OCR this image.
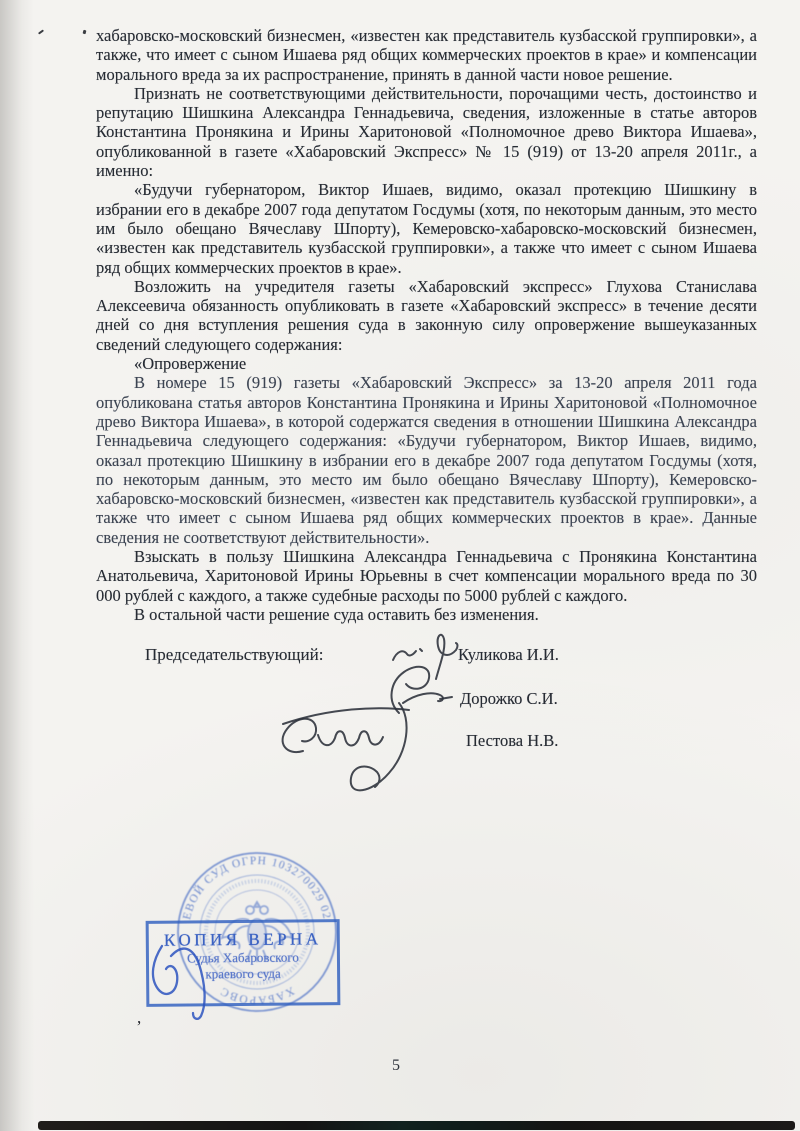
хабаровско-московский бизнесмен, «известен как представитель кузбасской группировки», а также, что имеет с сыном Ишаева ряд общих коммерческих проектов в крае» и компенсации морального вреда за их распространение, принять в данной части новое решение.

Признать не соответствующими действительности, порочащими честь, достоинство и репутацию Шишкина Александра Геннадьевича, сведения, изложенные в статье авторов Константина Пронякина и Ирины Харитоновой «Полномочное древо Виктора Ишаева», опубликованной в газете «Хабаровский Экспресс» № 15 (919) от 13-20 апреля 2011г., а именно:

«Будучи губернатором, Виктор Ишаев, видимо, оказал протекцию Шишкину в избрании его в декабре 2007 года депутатом Госдумы (хотя, по некоторым данным, это место им было обещано Вячеславу Шпорту), Кемеровско-хабаровско-московский бизнесмен, «известен как представитель кузбасской группировки», а также что имеет с сыном Ишаева ряд общих коммерческих проектов в крае».

Возложить на учредителя газеты «Хабаровский экспресс» Глухова Станислава Алексеевича обязанность опубликовать в газете «Хабаровский экспресс» в течение десяти дней со дня вступления решения суда в законную силу опровержение вышеуказанных сведений следующего содержания:

«Опровержение

В номере 15 (919) газеты «Хабаровский Экспресс» за 13-20 апреля 2011 года опубликована статья авторов Константина Пронякина и Ирины Харитоновой «Полномочное древо Виктора Ишаева», в которой содержатся сведения в отношении Шишкина Александра Геннадьевича следующего содержания: «Будучи губернатором, Виктор Ишаев, видимо, оказал протекцию Шишкину в избрании его в декабре 2007 года депутатом Госдумы (хотя, по некоторым данным, это место им было обещано Вячеславу Шпорту), Кемеровско-хабаровско-московский бизнесмен, «известен как представитель кузбасской группировки», а также что имеет с сыном Ишаева ряд общих коммерческих проектов в крае». Данные сведения не соответствуют действительности».

Взыскать в пользу Шишкина Александра Геннадьевича с Пронякина Константина Анатольевича, Харитоновой Ирины Юрьевны в счет компенсации морального вреда по 30 000 рублей с каждого, а также судебные расходы по 5000 рублей с каждого.

В остальной части решение суда оставить без изменения.

Председательствующий:	Куликова И.И.
Дорожко С.И.
Пестова Н.В.
ЕВОЙ СУД ОГРН 103270029 02
ХАБАРОВС
КОПИЯ ВЕРНА
Судья Хабаровского
краевого суда
,
5
